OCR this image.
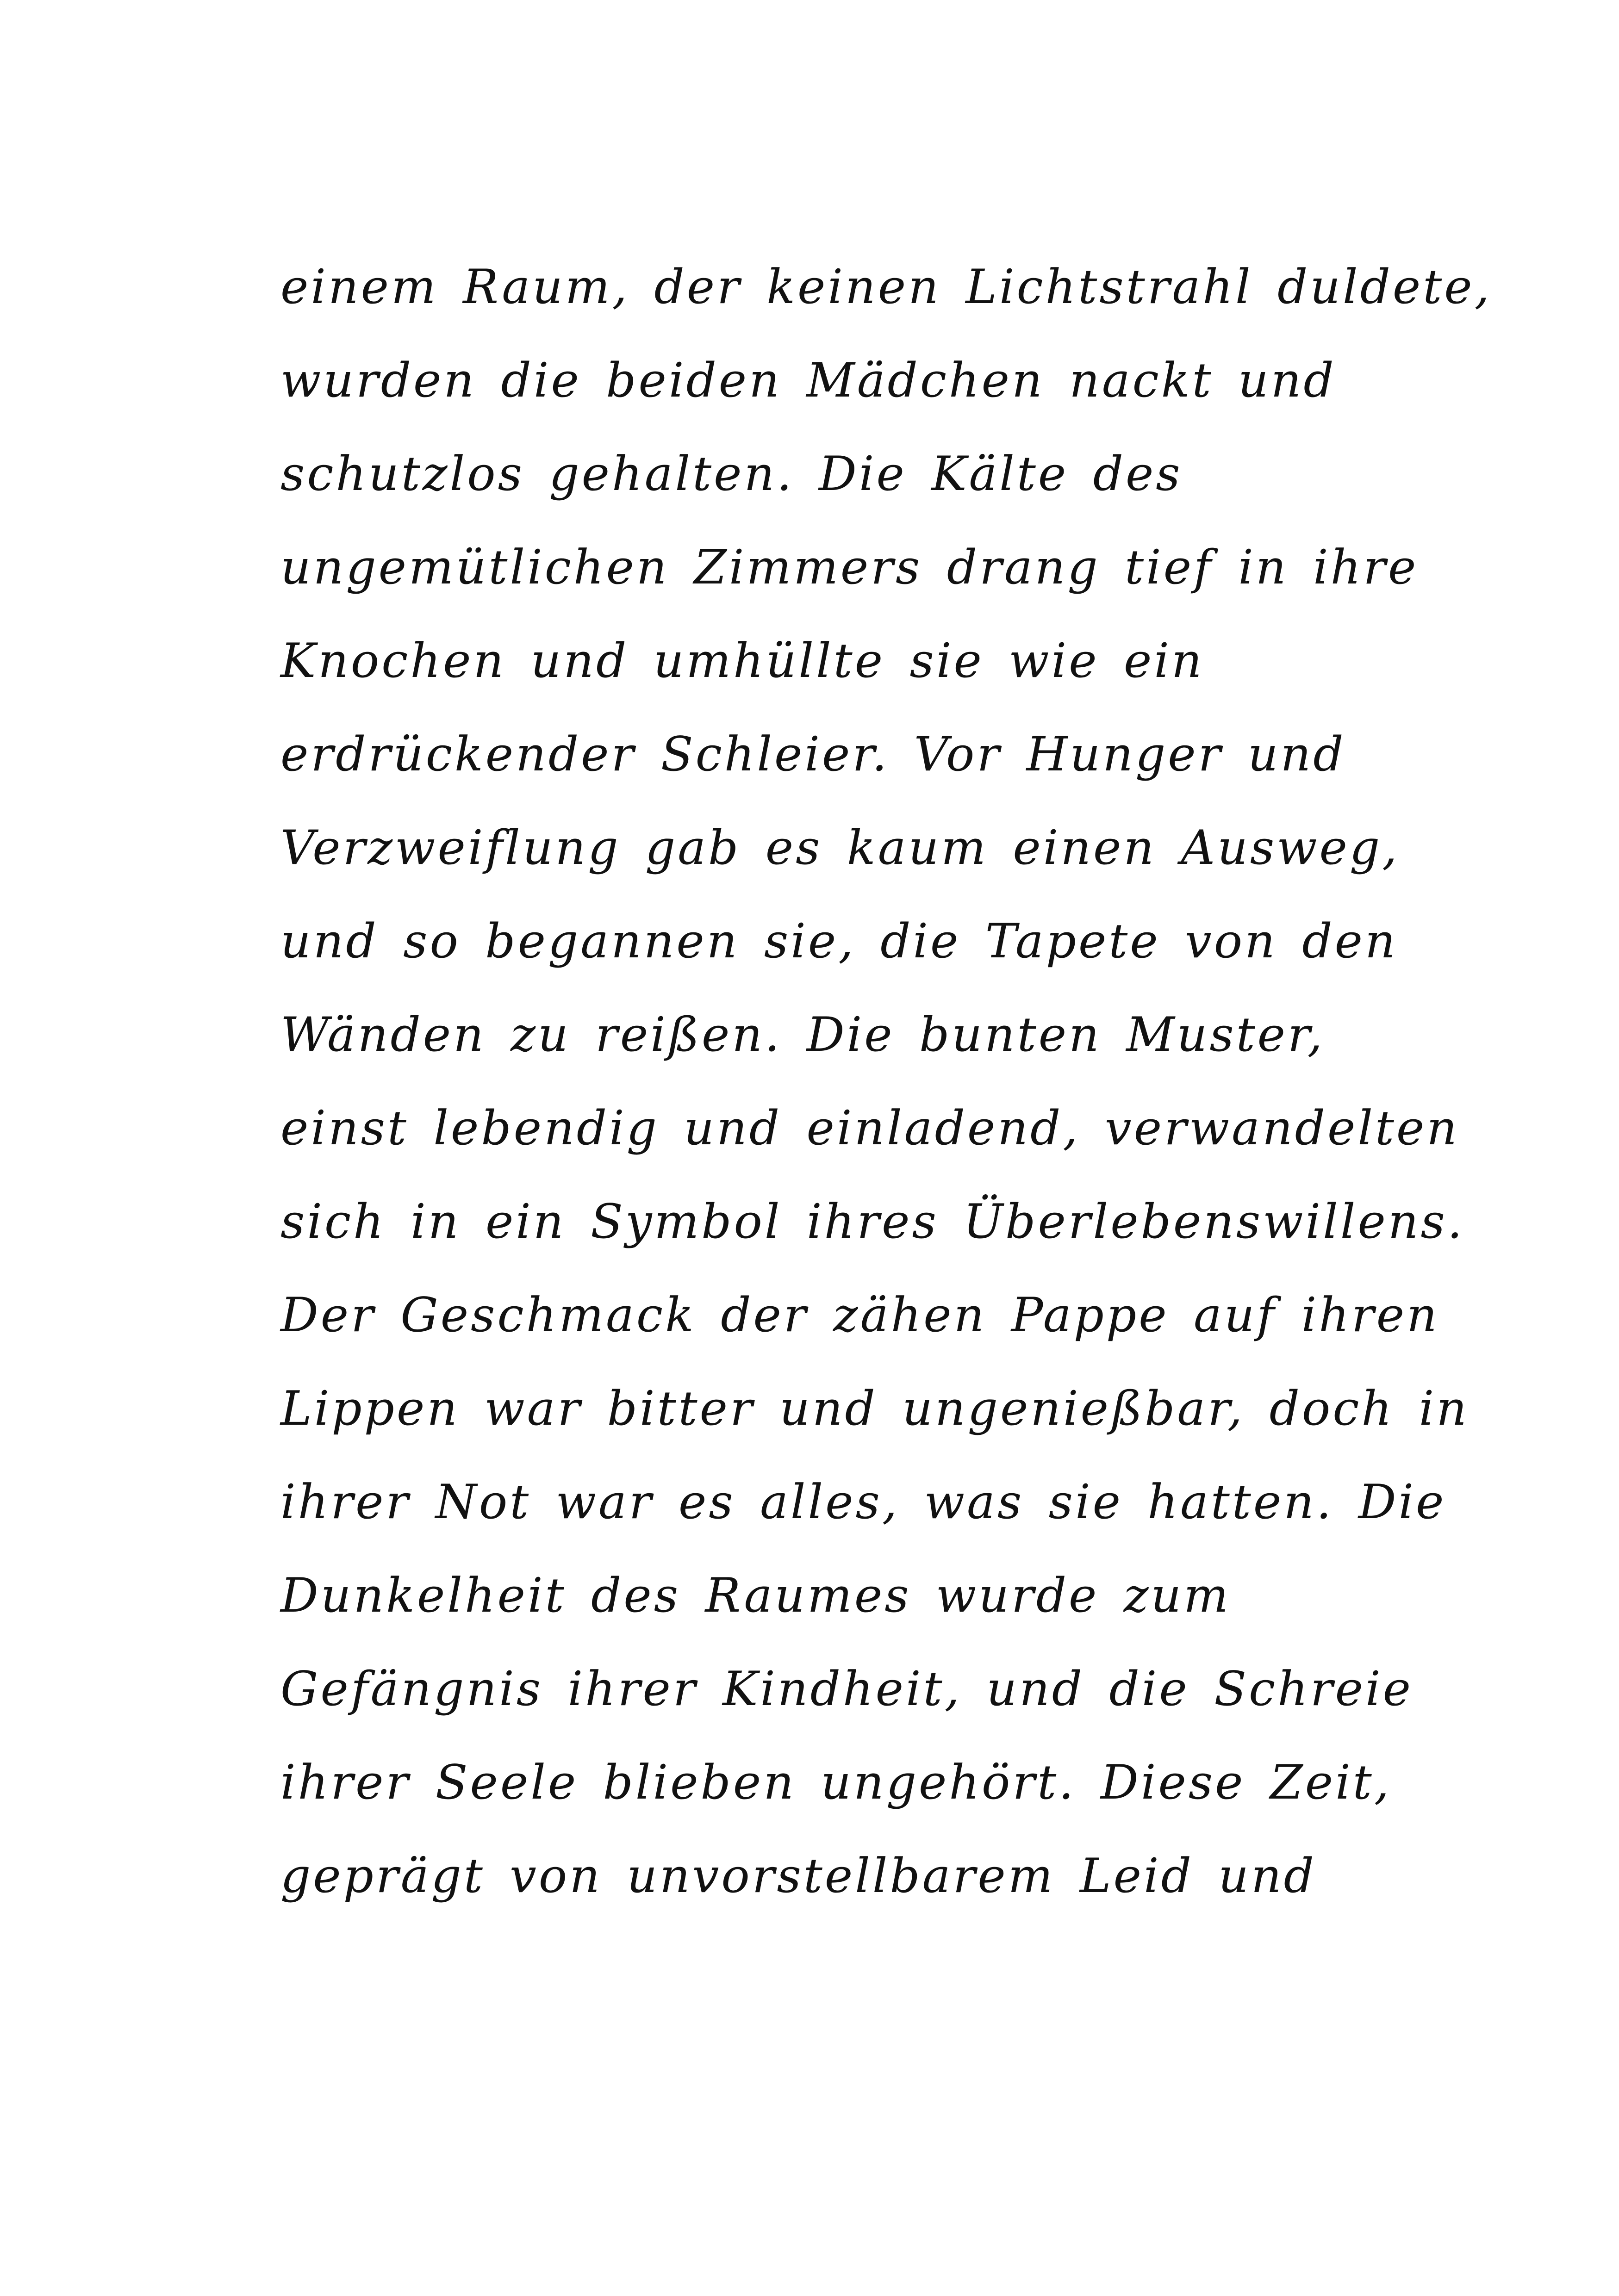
einem Raum, der keinen Lichtstrahl duldete,
wurden die beiden Mädchen nackt und
schutzlos gehalten. Die Kälte des
ungemütlichen Zimmers drang tief in ihre
Knochen und umhüllte sie wie ein
erdrückender Schleier. Vor Hunger und
Verzweiflung gab es kaum einen Ausweg,
und so begannen sie, die Tapete von den
Wänden zu reißen. Die bunten Muster,
einst lebendig und einladend, verwandelten
sich in ein Symbol ihres Überlebenswillens.
Der Geschmack der zähen Pappe auf ihren
Lippen war bitter und ungenießbar, doch in
ihrer Not war es alles, was sie hatten. Die
Dunkelheit des Raumes wurde zum
Gefängnis ihrer Kindheit, und die Schreie
ihrer Seele blieben ungehört. Diese Zeit,
geprägt von unvorstellbarem Leid und
